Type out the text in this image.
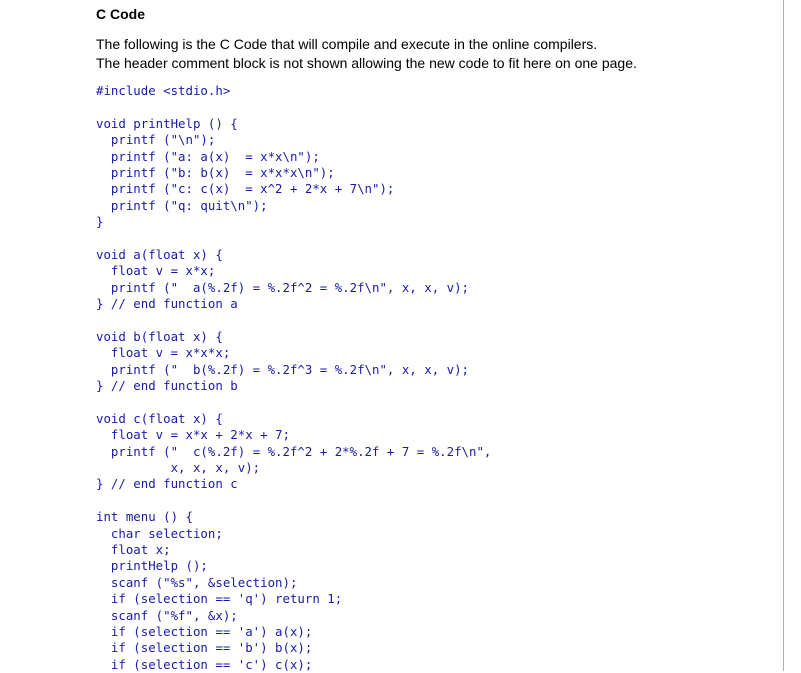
C Code
The following is the C Code that will compile and execute in the online compilers.
The header comment block is not shown allowing the new code to fit here on one page.
#include <stdio.h>
void printHelp () {
printf ("\n");
printf ("a: a(x)  = x*x\n");
printf ("b: b(x)  = x*x*x\n");
printf ("c: c(x)  = x^2 + 2*x + 7\n");
printf ("q: quit\n");
}
void a(float x) {
float v = x*x;
printf ("  a(%.2f) = %.2f^2 = %.2f\n", x, x, v);
} // end function a
void b(float x) {
float v = x*x*x;
printf ("  b(%.2f) = %.2f^3 = %.2f\n", x, x, v);
} // end function b
void c(float x) {
float v = x*x + 2*x + 7;
printf ("  c(%.2f) = %.2f^2 + 2*%.2f + 7 = %.2f\n",
x, x, x, v);
} // end function c
int menu () {
char selection;
float x;
printHelp ();
scanf ("%s", &selection);
if (selection == 'q') return 1;
scanf ("%f", &x);
if (selection == 'a') a(x);
if (selection == 'b') b(x);
if (selection == 'c') c(x);
